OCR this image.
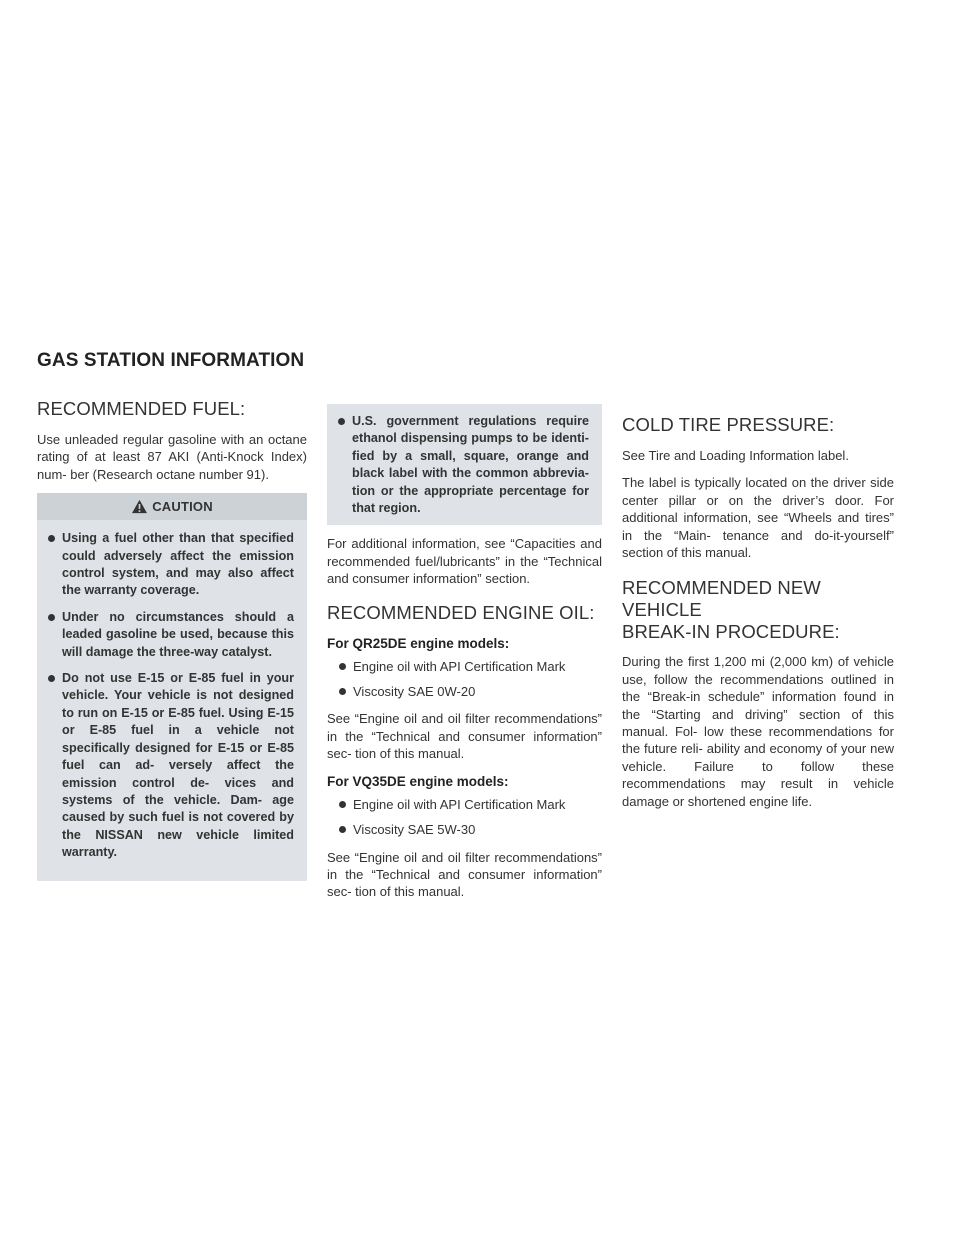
GAS STATION INFORMATION
RECOMMENDED FUEL:

Use unleaded regular gasoline with an octane rating of at least 87 AKI (Anti-Knock Index) num- ber (Research octane number 91).

CAUTION
Using a fuel other than that specified could adversely affect the emission control system, and may also affect the warranty coverage.
Under no circumstances should a leaded gasoline be used, because this will damage the three-way catalyst.
Do not use E-15 or E-85 fuel in your vehicle. Your vehicle is not designed to run on E-15 or E-85 fuel. Using E-15 or E-85 fuel in a vehicle not specifically designed for E-15 or E-85 fuel can ad- versely affect the emission control de- vices and systems of the vehicle. Dam- age caused by such fuel is not covered by the NISSAN new vehicle limited warranty.
U.S. government regulations require ethanol dispensing pumps to be identi- fied by a small, square, orange and black label with the common abbrevia- tion or the appropriate percentage for that region.

For additional information, see “Capacities and recommended fuel/lubricants” in the “Technical and consumer information” section.

RECOMMENDED ENGINE OIL:
For QR25DE engine models:
Engine oil with API Certification Mark
Viscosity SAE 0W-20

See “Engine oil and oil filter recommendations” in the “Technical and consumer information” sec- tion of this manual.

For VQ35DE engine models:
Engine oil with API Certification Mark
Viscosity SAE 5W-30

See “Engine oil and oil filter recommendations” in the “Technical and consumer information” sec- tion of this manual.

COLD TIRE PRESSURE:

See Tire and Loading Information label.

The label is typically located on the driver side center pillar or on the driver’s door. For additional information, see “Wheels and tires” in the “Main- tenance and do-it-yourself” section of this manual.

RECOMMENDED NEW VEHICLE
BREAK-IN PROCEDURE:

During the first 1,200 mi (2,000 km) of vehicle use, follow the recommendations outlined in the “Break-in schedule” information found in the “Starting and driving” section of this manual. Fol- low these recommendations for the future reli- ability and economy of your new vehicle. Failure to follow these recommendations may result in vehicle damage or shortened engine life.
